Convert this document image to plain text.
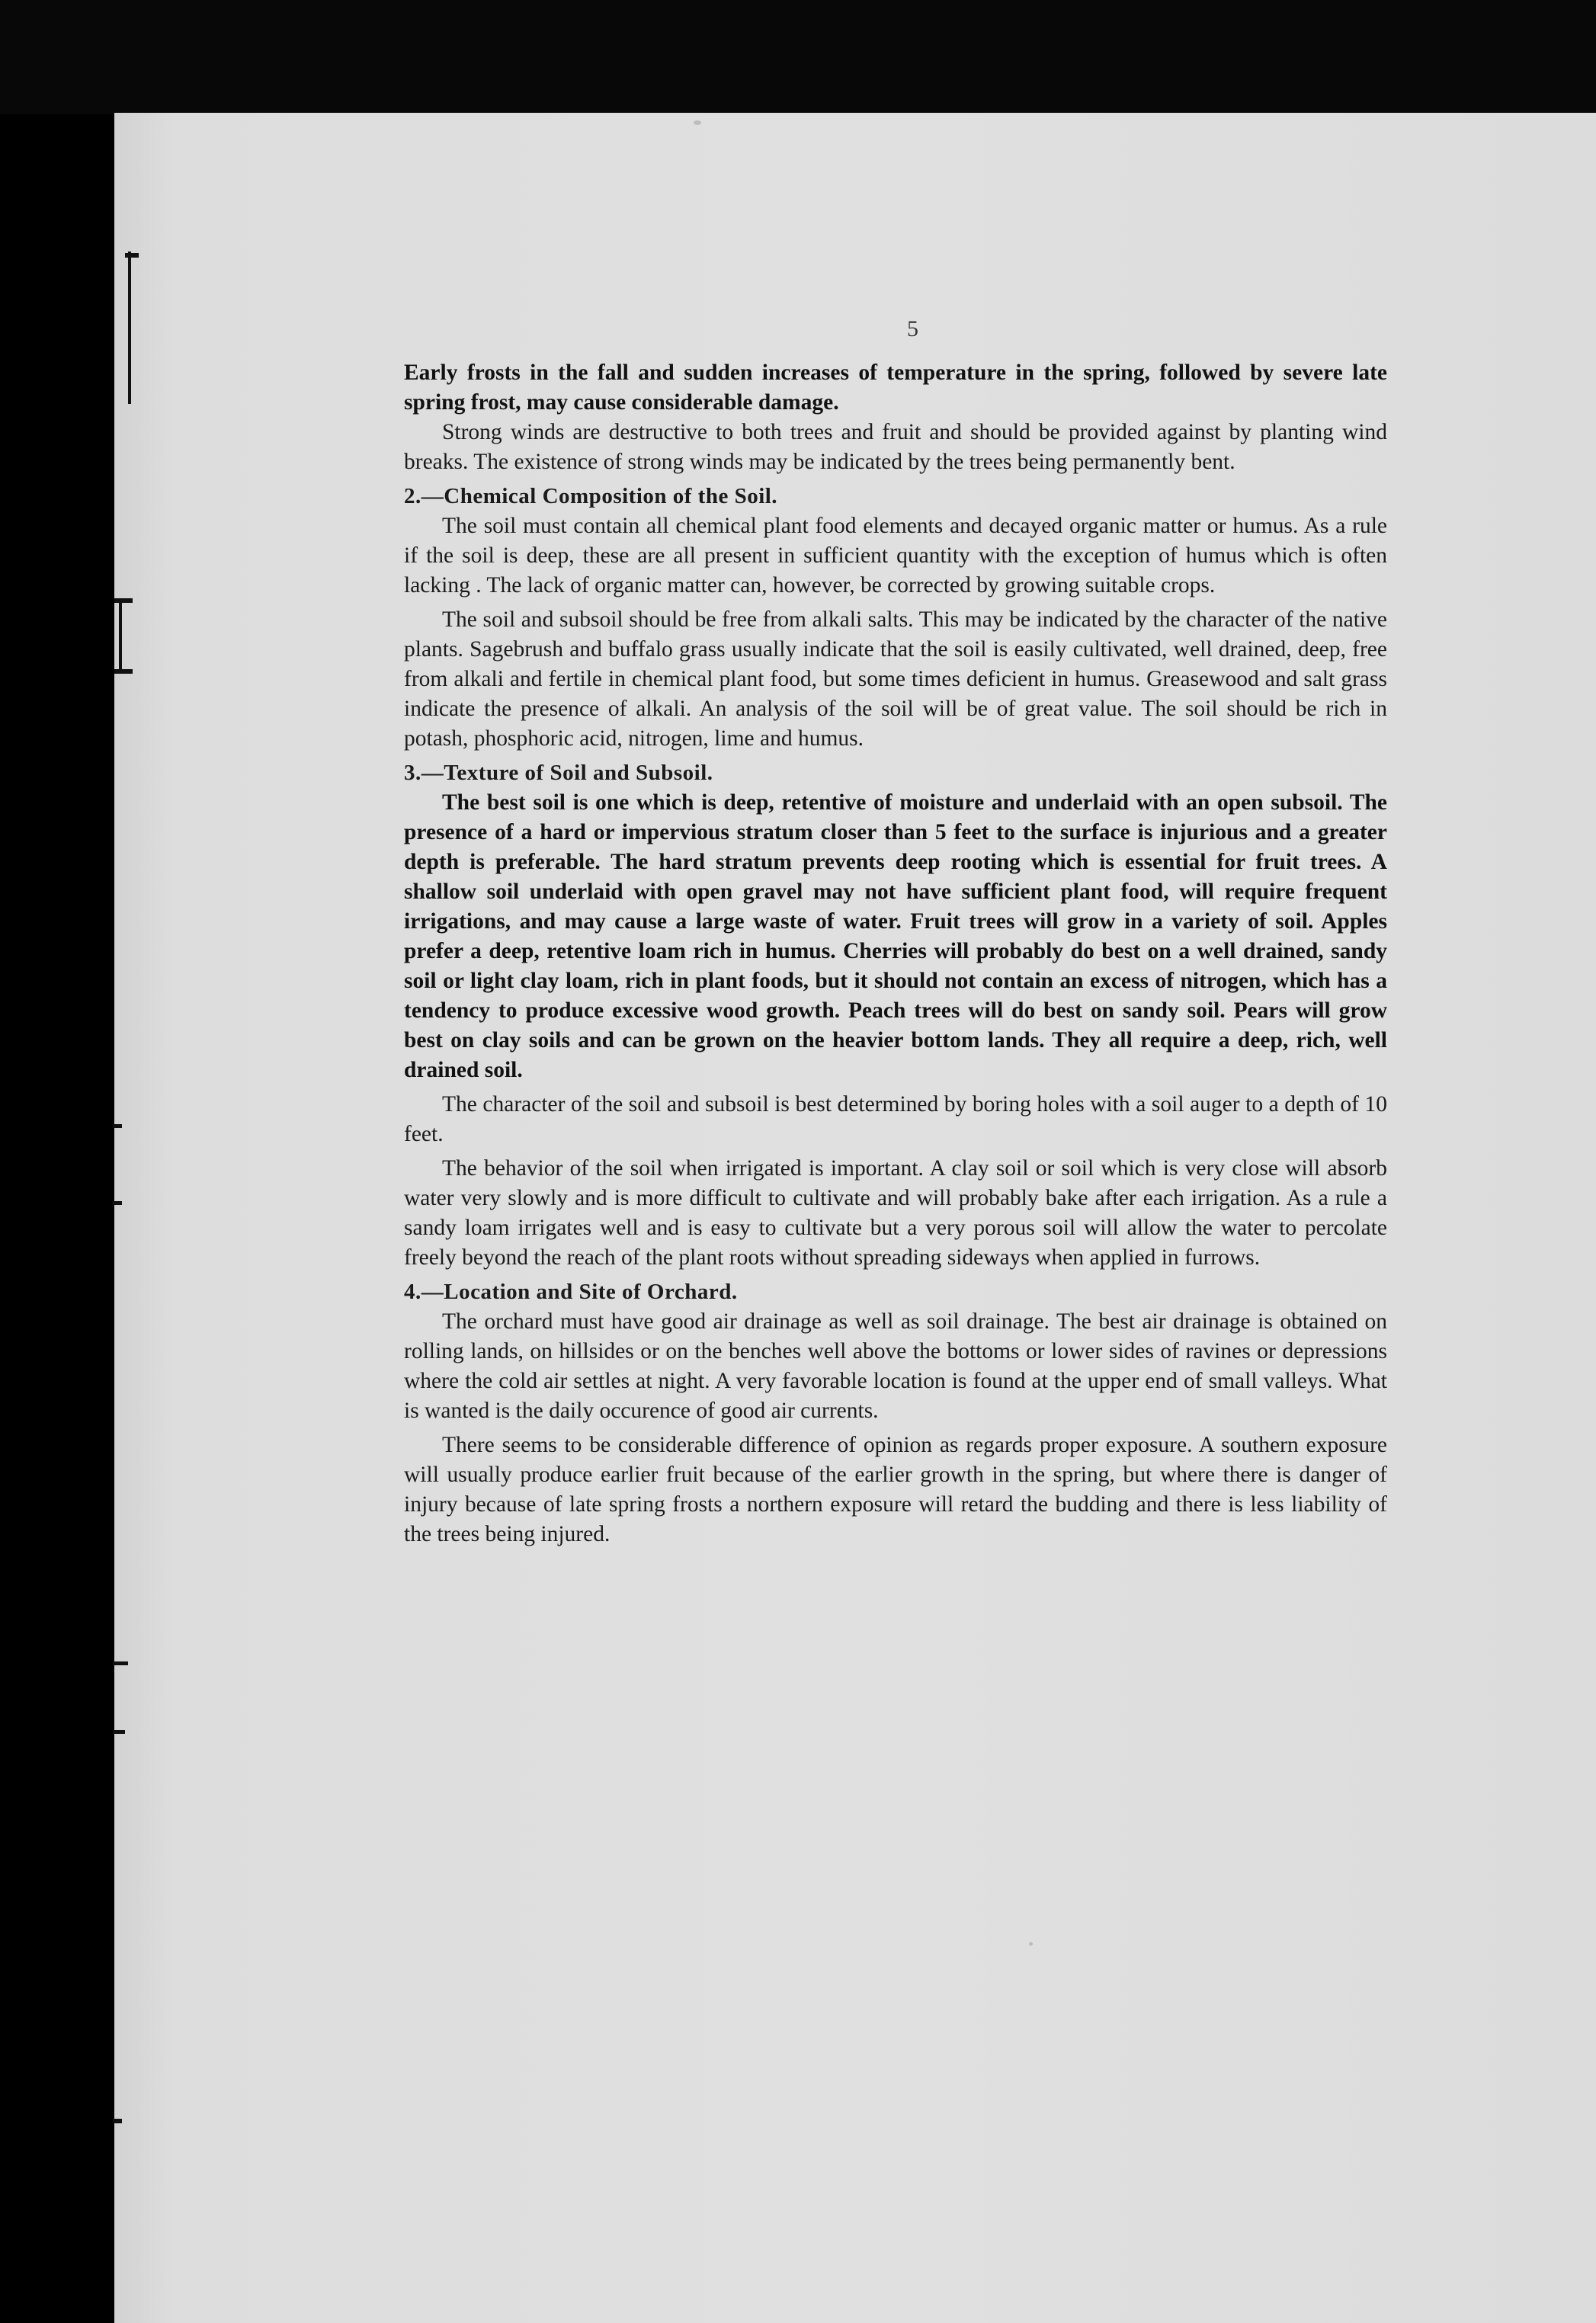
5

Early frosts in the fall and sudden increases of temperature in the spring, followed by severe late spring frost, may cause considerable damage.

Strong winds are destructive to both trees and fruit and should be provided against by planting wind breaks. The existence of strong winds may be indicated by the trees being permanently bent.

2.—Chemical Composition of the Soil.

The soil must contain all chemical plant food elements and decayed organic matter or humus. As a rule if the soil is deep, these are all present in sufficient quantity with the exception of humus which is often lacking . The lack of organic matter can, however, be corrected by growing suitable crops.

The soil and subsoil should be free from alkali salts. This may be indicated by the character of the native plants. Sagebrush and buffalo grass usually indicate that the soil is easily cultivated, well drained, deep, free from alkali and fertile in chemical plant food, but some times deficient in humus. Greasewood and salt grass indicate the presence of alkali. An analysis of the soil will be of great value. The soil should be rich in potash, phosphoric acid, nitrogen, lime and humus.

3.—Texture of Soil and Subsoil.

The best soil is one which is deep, retentive of moisture and underlaid with an open subsoil. The presence of a hard or impervious stratum closer than 5 feet to the surface is injurious and a greater depth is preferable. The hard stratum prevents deep rooting which is essential for fruit trees. A shallow soil underlaid with open gravel may not have sufficient plant food, will require frequent irrigations, and may cause a large waste of water. Fruit trees will grow in a variety of soil. Apples prefer a deep, retentive loam rich in humus. Cherries will probably do best on a well drained, sandy soil or light clay loam, rich in plant foods, but it should not contain an excess of nitrogen, which has a tendency to produce excessive wood growth. Peach trees will do best on sandy soil. Pears will grow best on clay soils and can be grown on the heavier bottom lands. They all require a deep, rich, well drained soil.

The character of the soil and subsoil is best determined by boring holes with a soil auger to a depth of 10 feet.

The behavior of the soil when irrigated is important. A clay soil or soil which is very close will absorb water very slowly and is more difficult to cultivate and will probably bake after each irrigation. As a rule a sandy loam irrigates well and is easy to cultivate but a very porous soil will allow the water to percolate freely beyond the reach of the plant roots without spreading sideways when applied in furrows.

4.—Location and Site of Orchard.

The orchard must have good air drainage as well as soil drainage. The best air drainage is obtained on rolling lands, on hillsides or on the benches well above the bottoms or lower sides of ravines or depressions where the cold air settles at night. A very favorable location is found at the upper end of small valleys. What is wanted is the daily occurence of good air currents.

There seems to be considerable difference of opinion as regards proper exposure. A southern exposure will usually produce earlier fruit because of the earlier growth in the spring, but where there is danger of injury because of late spring frosts a northern exposure will retard the budding and there is less liability of the trees being injured.
